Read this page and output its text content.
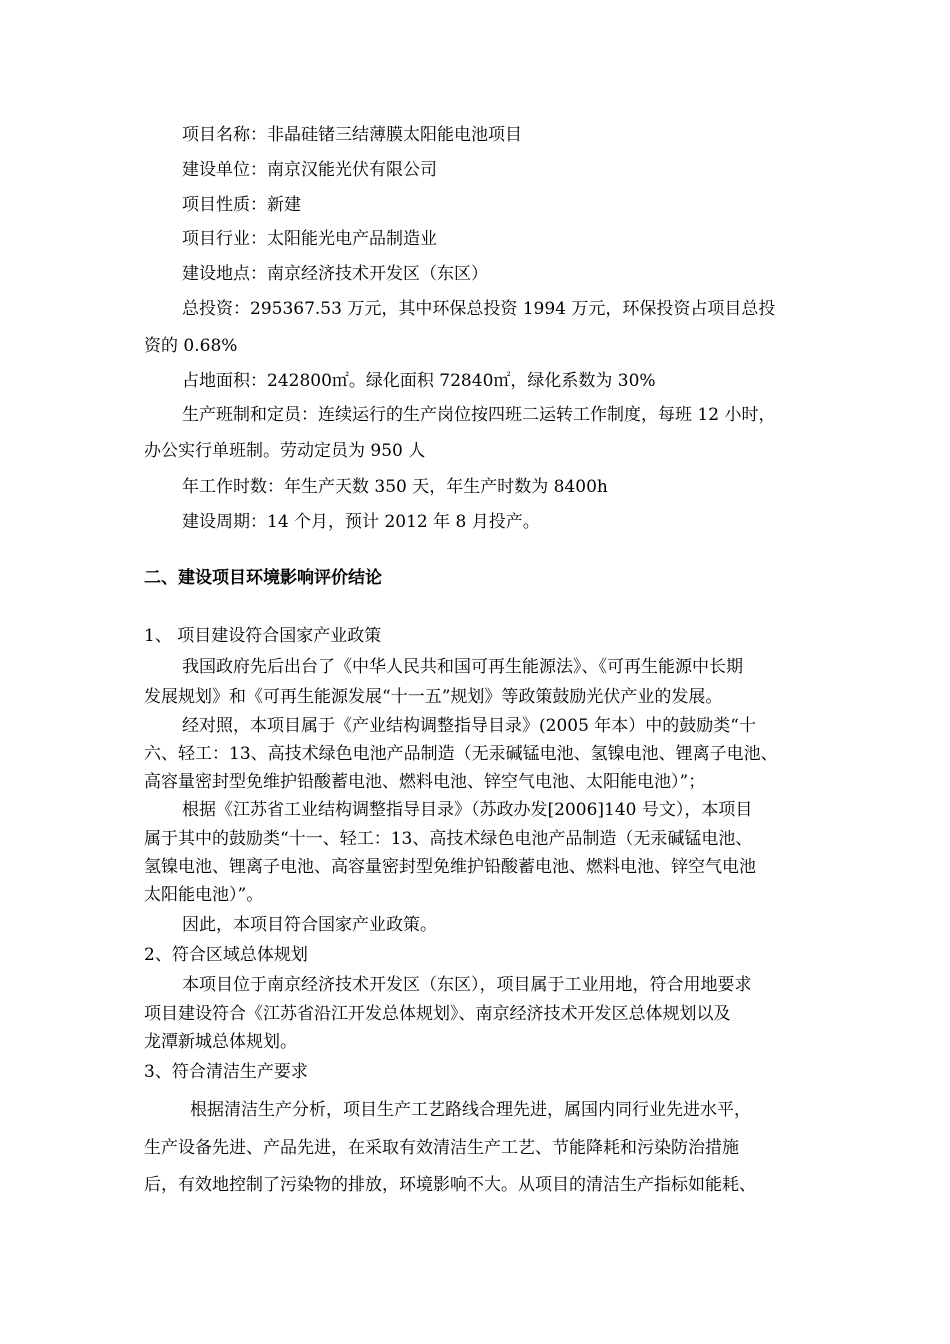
项目名称：非晶硅锗三结薄膜太阳能电池项目
建设单位：南京汉能光伏有限公司
项目性质：新建
项目行业：太阳能光电产品制造业
建设地点：南京经济技术开发区（东区）
总投资：295367.53 万元，其中环保总投资 1994 万元，环保投资占项目总投
资的 0.68%
占地面积：242800㎡。绿化面积 72840㎡，绿化系数为 30%
生产班制和定员：连续运行的生产岗位按四班二运转工作制度，每班 12 小时，
办公实行单班制。劳动定员为 950 人
年工作时数：年生产天数 350 天，年生产时数为 8400h
建设周期：14 个月，预计 2012 年 8 月投产。
二、建设项目环境影响评价结论
1、 项目建设符合国家产业政策
我国政府先后出台了《中华人民共和国可再生能源法》、《可再生能源中长期
发展规划》和《可再生能源发展“十一五”规划》等政策鼓励光伏产业的发展。
经对照，本项目属于《产业结构调整指导目录》(2005 年本）中的鼓励类“十
六、轻工：13、高技术绿色电池产品制造（无汞碱锰电池、氢镍电池、锂离子电池、
高容量密封型免维护铅酸蓄电池、燃料电池、锌空气电池、太阳能电池）”；
根据《江苏省工业结构调整指导目录》（苏政办发[2006]140 号文），本项目
属于其中的鼓励类“十一、轻工：13、高技术绿色电池产品制造（无汞碱锰电池、
氢镍电池、锂离子电池、高容量密封型免维护铅酸蓄电池、燃料电池、锌空气电池
太阳能电池）”。
因此，本项目符合国家产业政策。
2、符合区域总体规划
本项目位于南京经济技术开发区（东区），项目属于工业用地，符合用地要求
项目建设符合《江苏省沿江开发总体规划》、南京经济技术开发区总体规划以及
龙潭新城总体规划。
3、符合清洁生产要求
根据清洁生产分析，项目生产工艺路线合理先进，属国内同行业先进水平，
生产设备先进、产品先进，在采取有效清洁生产工艺、节能降耗和污染防治措施
后，有效地控制了污染物的排放，环境影响不大。从项目的清洁生产指标如能耗、
